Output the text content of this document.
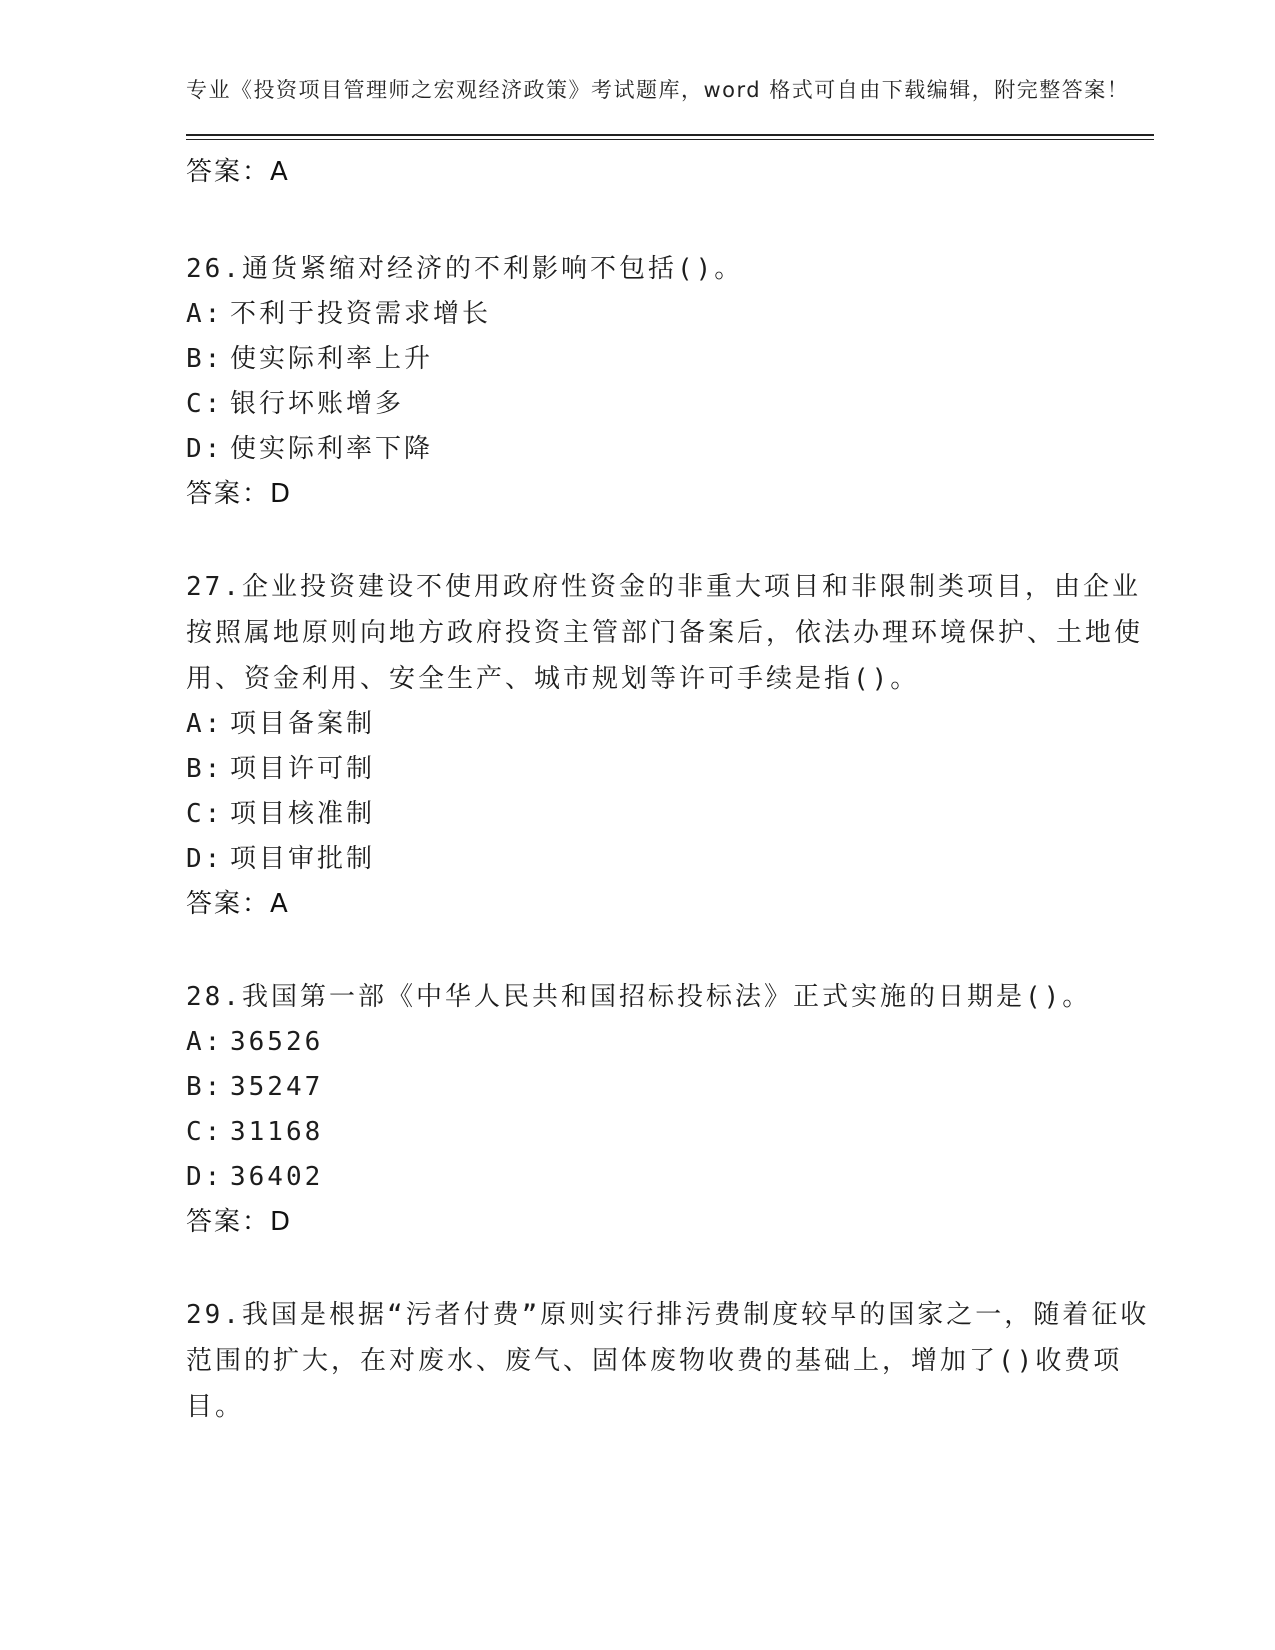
专业《投资项目管理师之宏观经济政策》考试题库，word 格式可自由下载编辑，附完整答案！
答案：A
26.通货紧缩对经济的不利影响不包括()。
A: 不利于投资需求增长
B: 使实际利率上升
C: 银行坏账增多
D: 使实际利率下降
答案：D
27.企业投资建设不使用政府性资金的非重大项目和非限制类项目，由企业按照属地原则向地方政府投资主管部门备案后，依法办理环境保护、土地使用、资金利用、安全生产、城市规划等许可手续是指()。
A: 项目备案制
B: 项目许可制
C: 项目核准制
D: 项目审批制
答案：A
28.我国第一部《中华人民共和国招标投标法》正式实施的日期是()。
A: 36526
B: 35247
C: 31168
D: 36402
答案：D
29.我国是根据“污者付费”原则实行排污费制度较早的国家之一，随着征收范围的扩大，在对废水、废气、固体废物收费的基础上，增加了()收费项目。
